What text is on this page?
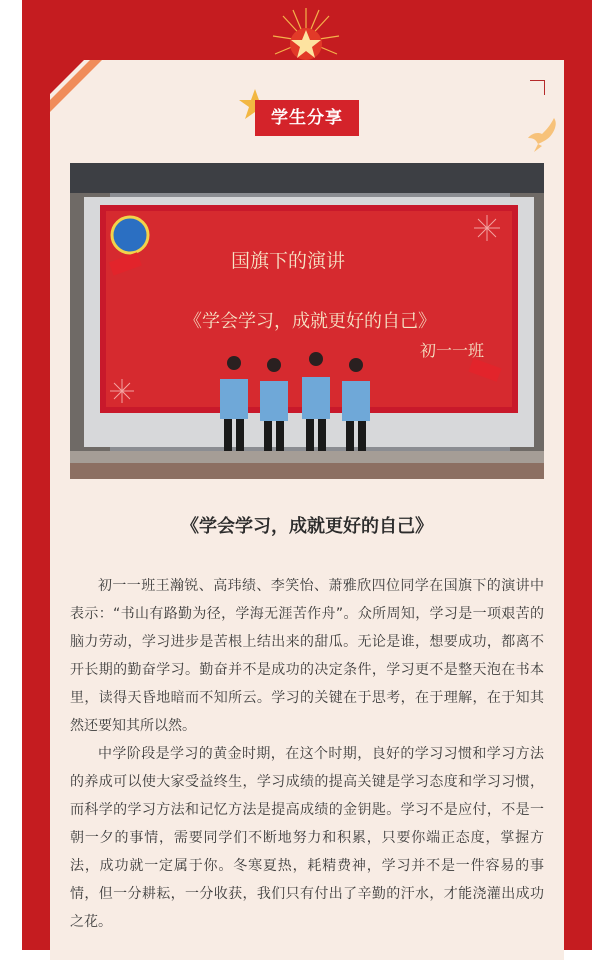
学生分享
国旗下的演讲
《学会学习，成就更好的自己》
初一一班
《学会学习，成就更好的自己》

初一一班王瀚锐、高玮绩、李笑怡、萧雅欣四位同学在国旗下的演讲中表示：“书山有路勤为径，学海无涯苦作舟”。众所周知，学习是一项艰苦的脑力劳动，学习进步是苦根上结出来的甜瓜。无论是谁，想要成功，都离不开长期的勤奋学习。勤奋并不是成功的决定条件，学习更不是整天泡在书本里，读得天昏地暗而不知所云。学习的关键在于思考，在于理解，在于知其然还要知其所以然。

中学阶段是学习的黄金时期，在这个时期，良好的学习习惯和学习方法的养成可以使大家受益终生，学习成绩的提高关键是学习态度和学习习惯，而科学的学习方法和记忆方法是提高成绩的金钥匙。学习不是应付，不是一朝一夕的事情，需要同学们不断地努力和积累，只要你端正态度，掌握方法，成功就一定属于你。冬寒夏热，耗精费神，学习并不是一件容易的事情，但一分耕耘，一分收获，我们只有付出了辛勤的汗水，才能浇灌出成功之花。
